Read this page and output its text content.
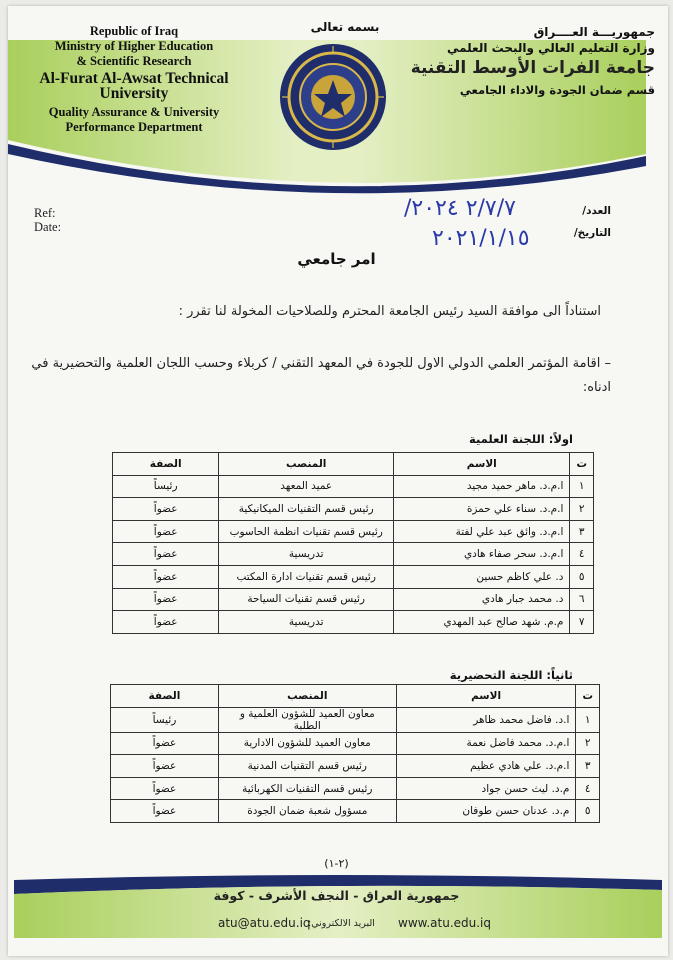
Republic of Iraq
Ministry of Higher Education
& Scientific Research
Al-Furat Al-Awsat Technical University
Quality Assurance & University
Performance Department
بسمه تعالى	جمهوريـــة العــــراق
وزارة التعليم العالي والبحث العلمي
جامعة الفرات الأوسط التقنية
قسم ضمان الجودة والاداء الجامعي
Ref:
Date:
العدد/
التاريخ/
٢/٧/٧ ٢٠٢٤/
٢٠٢١/١/١٥
امر جامعي
استناداً الى موافقة السيد رئيس الجامعة المحترم وللصلاحيات المخولة لنا تقرر :
– اقامة المؤتمر العلمي الدولي الاول للجودة في المعهد التقني / كربلاء وحسب اللجان العلمية والتحضيرية في
ادناه:
اولاً: اللجنة العلمية
ت	الاسم	المنصب	الصفة
١	ا.م.د. ماهر حميد مجيد	عميد المعهد	رئيساً
٢	ا.م.د. سناء علي حمزة	رئيس قسم التقنيات الميكانيكية	عضواً
٣	ا.م.د. وائق عبد علي لفتة	رئيس قسم تقنيات انظمة الحاسوب	عضواً
٤	ا.م.د. سحر صفاء هادي	تدريسية	عضواً
٥	د. علي كاظم حسين	رئيس قسم تقنيات ادارة المكتب	عضواً
٦	د. محمد جبار هادي	رئيس قسم تقنيات السياحة	عضواً
٧	م.م. شهد صالح عبد المهدي	تدريسية	عضواً
ثانياً: اللجنة التحضيرية
ت	الاسم	المنصب	الصفة
١	ا.د. فاضل محمد ظاهر	معاون العميد للشؤون العلمية و الطلبة	رئيساً
٢	ا.م.د. محمد فاضل نعمة	معاون العميد للشؤون الادارية	عضواً
٣	ا.م.د. علي هادي عظيم	رئيس قسم التقنيات المدنية	عضواً
٤	م.د. ليث حسن جواد	رئيس قسم التقنيات الكهربائية	عضواً
٥	م.د. عدنان حسن طوفان	مسؤول شعبة ضمان الجودة	عضواً
(٢-١)
جمهورية العراق - النجف الأشرف - كوفة
atu@atu.edu.iq
البريد الالكتروني: www.atu.edu.iq
